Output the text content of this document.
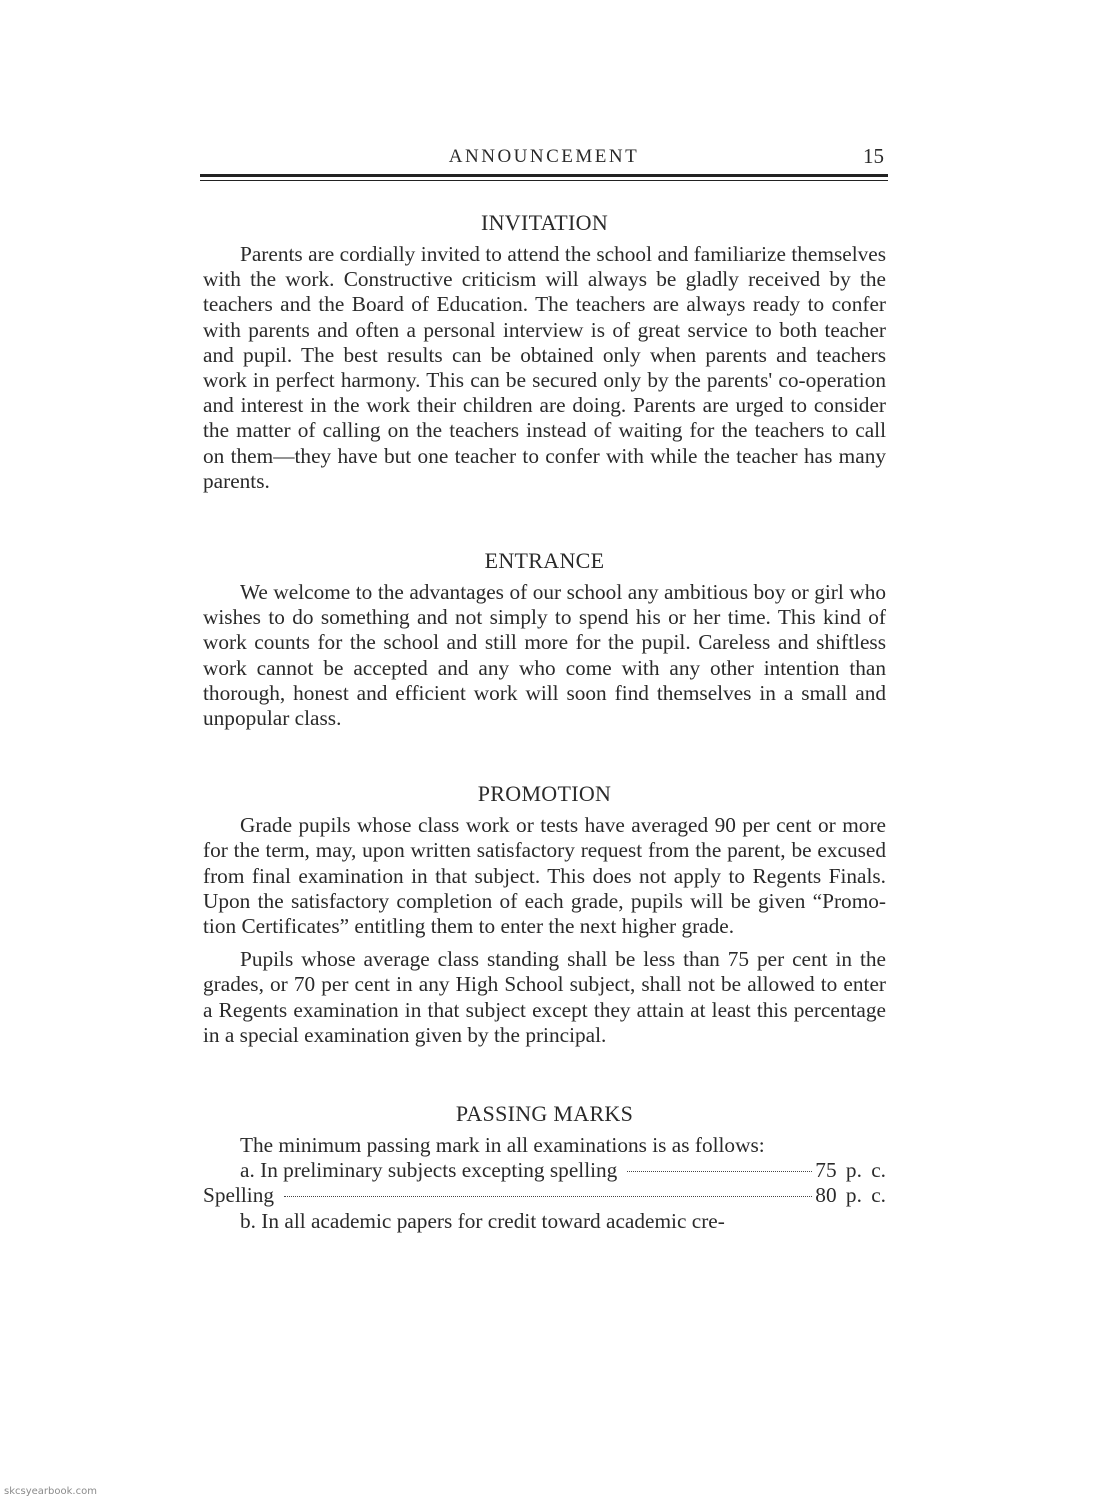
ANNOUNCEMENT	15
INVITATION

Parents are cordially invited to attend the school and familiarize themselves with the work. Constructive criticism will always be gladly received by the teachers and the Board of Education. The teachers are always ready to confer with parents and often a personal interview is of great service to both teacher and pupil. The best results can be obtained only when parents and teachers work in perfect harmony. This can be secured only by the parents' co-operation and interest in the work their children are doing. Parents are urged to consider the matter of calling on the teachers instead of waiting for the teachers to call on them—they have but one teacher to confer with while the teacher has many parents.

ENTRANCE

We welcome to the advantages of our school any ambitious boy or girl who wishes to do something and not simply to spend his or her time. This kind of work counts for the school and still more for the pupil. Careless and shiftless work cannot be accepted and any who come with any other intention than thorough, honest and efficient work will soon find themselves in a small and unpopular class.

PROMOTION

Grade pupils whose class work or tests have averaged 90 per cent or more for the term, may, upon written satisfactory request from the parent, be excused from final examination in that subject. This does not apply to Regents Finals. Upon the satisfactory completion of each grade, pupils will be given “Promotion Certificates” entitling them to enter the next higher grade.

Pupils whose average class standing shall be less than 75 per cent in the grades, or 70 per cent in any High School subject, shall not be allowed to enter a Regents examination in that subject except they attain at least this percentage in a special examination given by the principal.

PASSING MARKS

The minimum passing mark in all examinations is as follows:

a. In preliminary subjects excepting spelling	75 p. c.
Spelling	80 p. c.

b. In all academic papers for credit toward academic cre-

skcsyearbook.com
